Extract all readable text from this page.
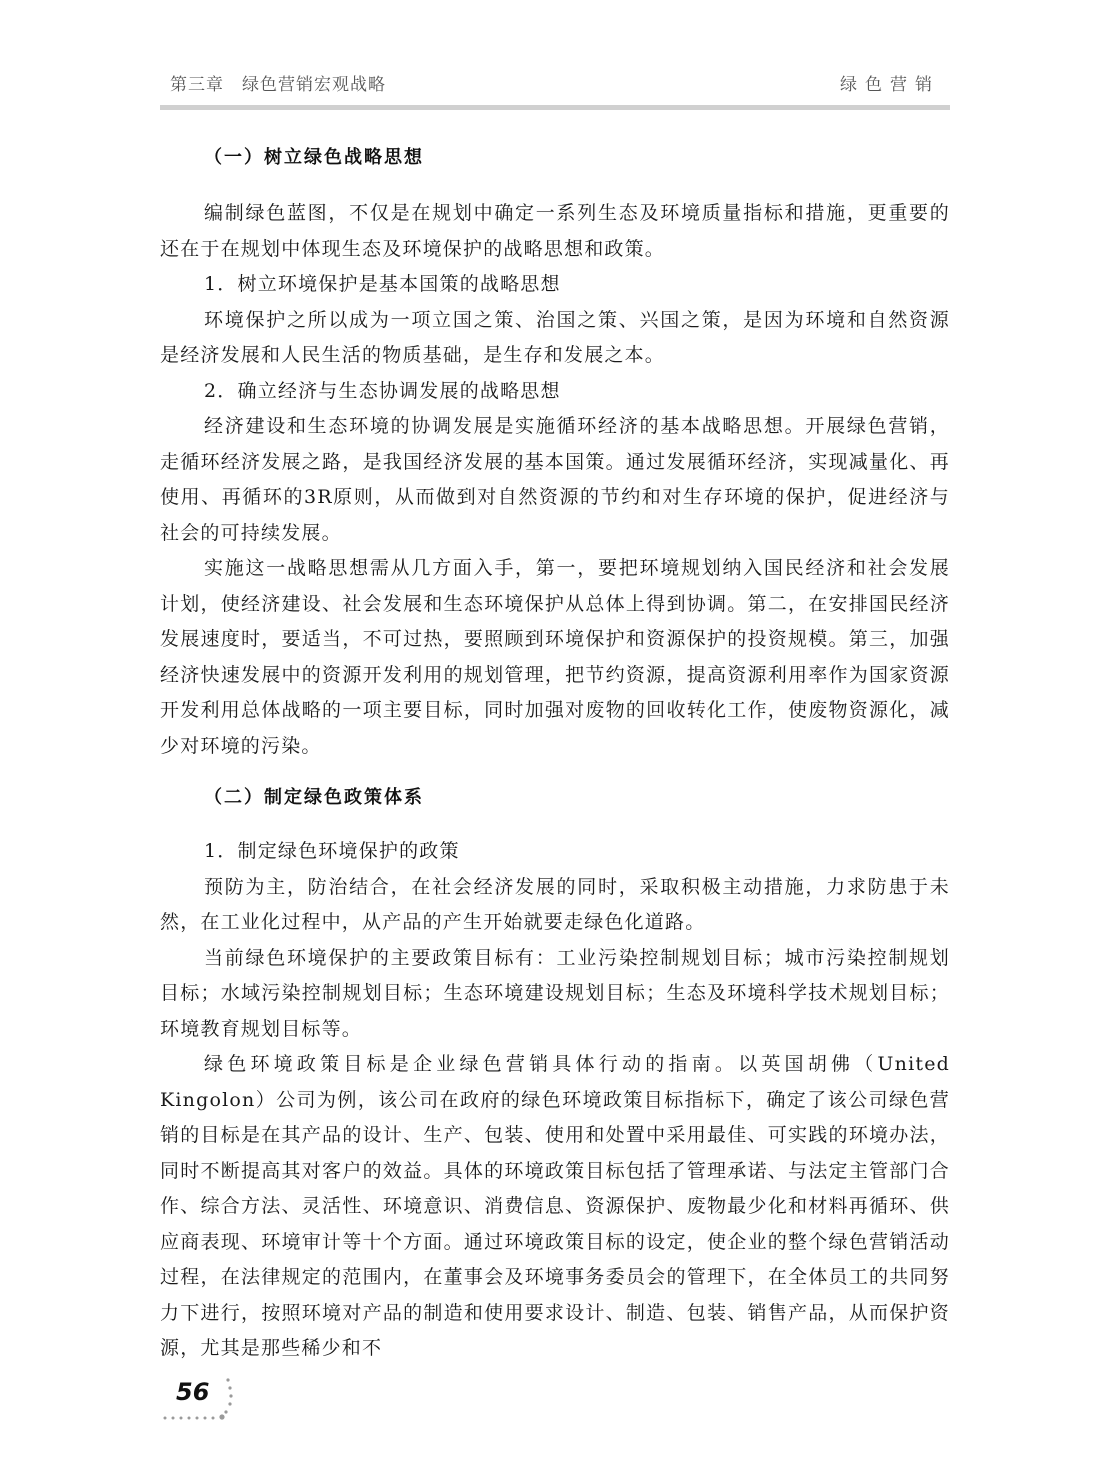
第三章　绿色营销宏观战略	绿色营销
（一）树立绿色战略思想

编制绿色蓝图，不仅是在规划中确定一系列生态及环境质量指标和措施，更重要的还在于在规划中体现生态及环境保护的战略思想和政策。

1．树立环境保护是基本国策的战略思想

环境保护之所以成为一项立国之策、治国之策、兴国之策，是因为环境和自然资源是经济发展和人民生活的物质基础，是生存和发展之本。

2．确立经济与生态协调发展的战略思想

经济建设和生态环境的协调发展是实施循环经济的基本战略思想。开展绿色营销，走循环经济发展之路，是我国经济发展的基本国策。通过发展循环经济，实现减量化、再使用、再循环的3R原则，从而做到对自然资源的节约和对生存环境的保护，促进经济与社会的可持续发展。

实施这一战略思想需从几方面入手，第一，要把环境规划纳入国民经济和社会发展计划，使经济建设、社会发展和生态环境保护从总体上得到协调。第二，在安排国民经济发展速度时，要适当，不可过热，要照顾到环境保护和资源保护的投资规模。第三，加强经济快速发展中的资源开发利用的规划管理，把节约资源，提高资源利用率作为国家资源开发利用总体战略的一项主要目标，同时加强对废物的回收转化工作，使废物资源化，减少对环境的污染。

（二）制定绿色政策体系
1．制定绿色环境保护的政策

预防为主，防治结合，在社会经济发展的同时，采取积极主动措施，力求防患于未然，在工业化过程中，从产品的产生开始就要走绿色化道路。

当前绿色环境保护的主要政策目标有：工业污染控制规划目标；城市污染控制规划目标；水域污染控制规划目标；生态环境建设规划目标；生态及环境科学技术规划目标；环境教育规划目标等。

绿色环境政策目标是企业绿色营销具体行动的指南。以英国胡佛（United Kingolon）公司为例，该公司在政府的绿色环境政策目标指标下，确定了该公司绿色营销的目标是在其产品的设计、生产、包装、使用和处置中采用最佳、可实践的环境办法，同时不断提高其对客户的效益。具体的环境政策目标包括了管理承诺、与法定主管部门合作、综合方法、灵活性、环境意识、消费信息、资源保护、废物最少化和材料再循环、供应商表现、环境审计等十个方面。通过环境政策目标的设定，使企业的整个绿色营销活动过程，在法律规定的范围内，在董事会及环境事务委员会的管理下，在全体员工的共同努力下进行，按照环境对产品的制造和使用要求设计、制造、包装、销售产品，从而保护资源，尤其是那些稀少和不

56
